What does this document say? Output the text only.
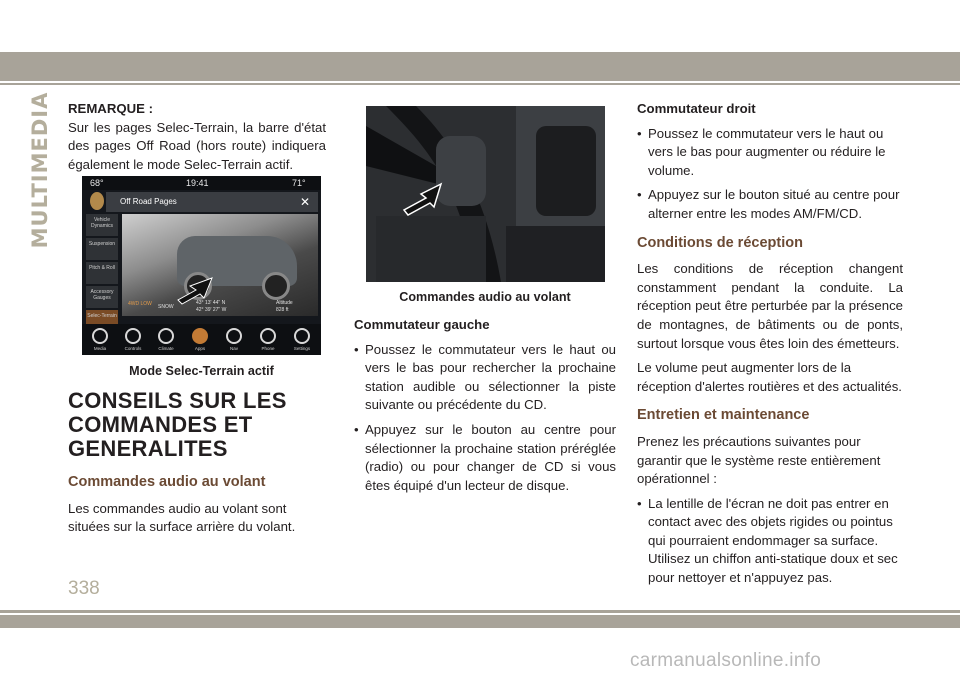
MULTIMEDIA REMARQUE :

Sur les pages Selec-Terrain, la barre d'état des pages Off Road (hors route) indiquera également le mode Selec-Terrain actif.

68°	19:41	71°
Off Road Pages	✕
Vehicle Dynamics
Suspension
Pitch & Roll
Accessory Gauges
Selec-Terrain
4WD LOW SNOW
43° 13' 44" N
42° 39' 27" W
Altitude
828 ft
Media	Controls	Climate	Apps	Nav	Phone	Settings

Mode Selec-Terrain actif

CONSEILS SUR LES
COMMANDES ET
GENERALITES

Commandes audio au volant

Les commandes audio au volant sont situées sur la surface arrière du volant.

Commandes audio au volant

Commutateur gauche

• Poussez le commutateur vers le haut ou vers le bas pour rechercher la prochaine station audible ou sélectionner la piste suivante ou précédente du CD.
• Appuyez sur le bouton au centre pour sélectionner la prochaine station préréglée (radio) ou pour changer de CD si vous êtes équipé d'un lecteur de disque.

Commutateur droit

• Poussez le commutateur vers le haut ou vers le bas pour augmenter ou réduire le volume.
• Appuyez sur le bouton situé au centre pour alterner entre les modes AM/FM/CD.

Conditions de réception

Les conditions de réception changent constamment pendant la conduite. La réception peut être perturbée par la présence de montagnes, de bâtiments ou de ponts, surtout lorsque vous êtes loin des émetteurs.

Le volume peut augmenter lors de la réception d'alertes routières et des actualités.

Entretien et maintenance

Prenez les précautions suivantes pour garantir que le système reste entièrement opérationnel :

• La lentille de l'écran ne doit pas entrer en contact avec des objets rigides ou pointus qui pourraient endommager sa surface. Utilisez un chiffon anti-statique doux et sec pour nettoyer et n'appuyez pas.
338
carmanualsonline.info
